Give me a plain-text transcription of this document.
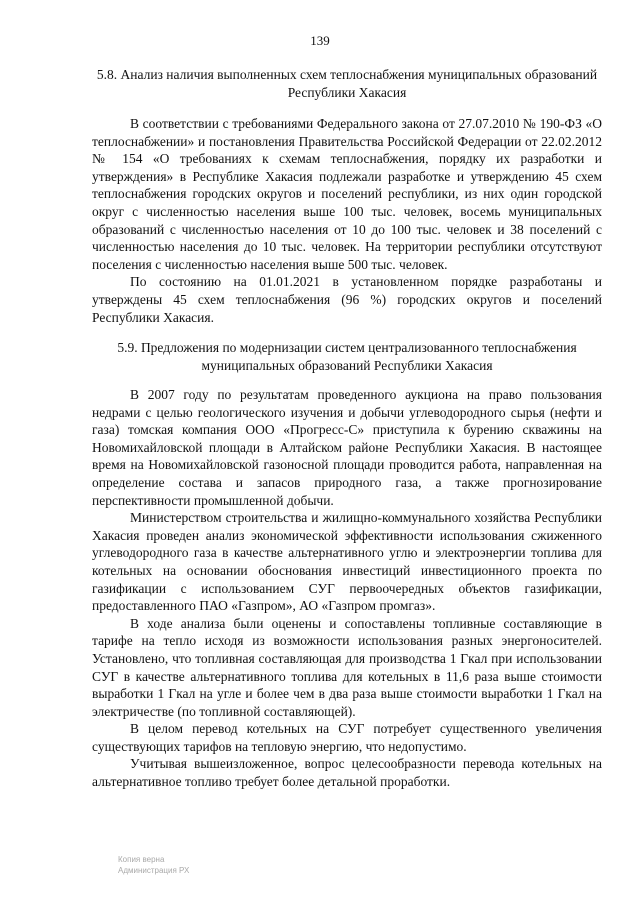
139
5.8. Анализ наличия выполненных схем теплоснабжения муниципальных образований Республики Хакасия

В соответствии с требованиями Федерального закона от 27.07.2010 № 190-ФЗ «О теплоснабжении» и постановления Правительства Российской Федерации от 22.02.2012 № 154 «О требованиях к схемам теплоснабжения, порядку их разработки и утверждения» в Республике Хакасия подлежали разработке и утверждению 45 схем теплоснабжения городских округов и поселений республики, из них один городской округ с численностью населения выше 100 тыс. человек, восемь муниципальных образований с численностью населения от 10 до 100 тыс. человек и 38 поселений с численностью населения до 10 тыс. человек. На территории республики отсутствуют поселения с численностью населения выше 500 тыс. человек.

По состоянию на 01.01.2021 в установленном порядке разработаны и утверждены 45 схем теплоснабжения (96 %) городских округов и поселений Республики Хакасия.

5.9. Предложения по модернизации систем централизованного теплоснабжения муниципальных образований Республики Хакасия

В 2007 году по результатам проведенного аукциона на право пользования недрами с целью геологического изучения и добычи углеводородного сырья (нефти и газа) томская компания ООО «Прогресс-С» приступила к бурению скважины на Новомихайловской площади в Алтайском районе Республики Хакасия. В настоящее время на Новомихайловской газоносной площади проводится работа, направленная на определение состава и запасов природного газа, а также прогнозирование перспективности промышленной добычи.

Министерством строительства и жилищно-коммунального хозяйства Республики Хакасия проведен анализ экономической эффективности использования сжиженного углеводородного газа в качестве альтернативного углю и электроэнергии топлива для котельных на основании обоснования инвестиций инвестиционного проекта по газификации с использованием СУГ первоочередных объектов газификации, предоставленного ПАО «Газпром», АО «Газпром промгаз».

В ходе анализа были оценены и сопоставлены топливные составляющие в тарифе на тепло исходя из возможности использования разных энергоносителей. Установлено, что топливная составляющая для производства 1 Гкал при использовании СУГ в качестве альтернативного топлива для котельных в 11,6 раза выше стоимости выработки 1 Гкал на угле и более чем в два раза выше стоимости выработки 1 Гкал на электричестве (по топливной составляющей).

В целом перевод котельных на СУГ потребует существенного увеличения существующих тарифов на тепловую энергию, что недопустимо.

Учитывая вышеизложенное, вопрос целесообразности перевода котельных на альтернативное топливо требует более детальной проработки.

Копия верна
Администрация РХ
